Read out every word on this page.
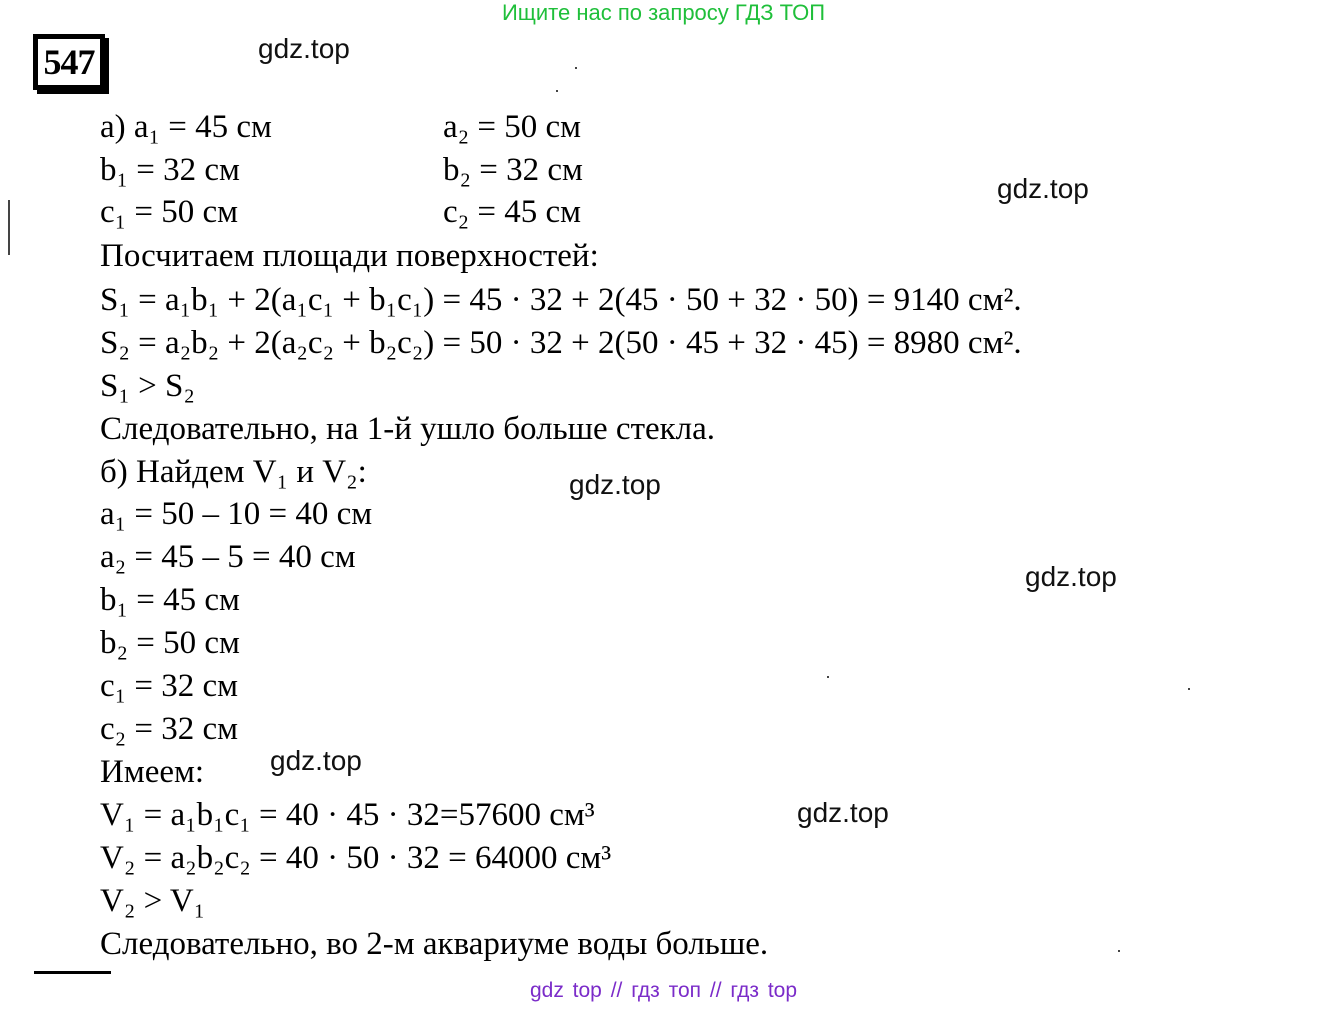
Ищите нас по запросу ГДЗ ТОП
547	gdz.top
gdz.top
gdz.top
gdz.top
gdz.top
gdz.top
а) a₁ = 45 см	a₂ = 50 см
b₁ = 32 см	b₂ = 32 см
c₁ = 50 см	c₂ = 45 см
Посчитаем площади поверхностей:
S₁ = a₁b₁ + 2(a₁c₁ + b₁c₁) = 45 · 32 + 2(45 · 50 + 32 · 50) = 9140 см².
S₂ = a₂b₂ + 2(a₂c₂ + b₂c₂) = 50 · 32 + 2(50 · 45 + 32 · 45) = 8980 см².
S₁ > S₂
Следовательно, на 1-й ушло больше стекла.
б) Найдем V₁ и V₂:
a₁ = 50 – 10 = 40 см
a₂ = 45 – 5 = 40 см
b₁ = 45 см
b₂ = 50 см
c₁ = 32 см
c₂ = 32 см
Имеем:
V₁ = a₁b₁c₁ = 40 · 45 · 32=57600 см³
V₂ = a₂b₂c₂ = 40 · 50 · 32 = 64000 см³
V₂ > V₁
Следовательно, во 2-м аквариуме воды больше.
gdz top // гдз топ // гдз top
